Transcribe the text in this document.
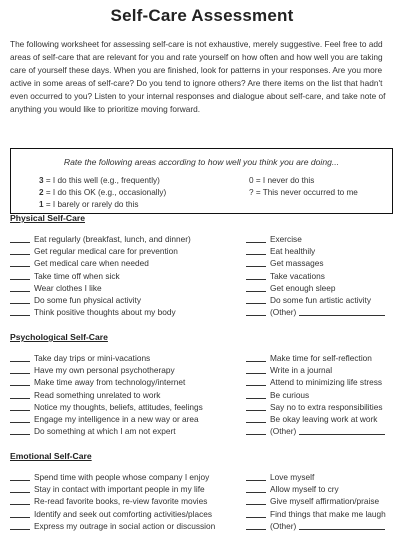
Self-Care Assessment
The following worksheet for assessing self-care is not exhaustive, merely suggestive. Feel free to add areas of self-care that are relevant for you and rate yourself on how often and how well you are taking care of yourself these days. When you are finished, look for patterns in your responses. Are you more active in some areas of self-care? Do you tend to ignore others? Are there items on the list that hadn't even occurred to you? Listen to your internal responses and dialogue about self-care, and take note of anything you would like to prioritize moving forward.
Rate the following areas according to how well you think you are doing...
3 = I do this well (e.g., frequently)
2 = I do this OK (e.g., occasionally)
1 = I barely or rarely do this
0 = I never do this
? = This never occurred to me
Physical Self-Care
Eat regularly (breakfast, lunch, and dinner)
Get regular medical care for prevention
Get medical care when needed
Take time off when sick
Wear clothes I like
Do some fun physical activity
Think positive thoughts about my body
Exercise
Eat healthily
Get massages
Take vacations
Get enough sleep
Do some fun artistic activity
(Other)
Psychological Self-Care
Take day trips or mini-vacations
Have my own personal psychotherapy
Make time away from technology/internet
Read something unrelated to work
Notice my thoughts, beliefs, attitudes, feelings
Engage my intelligence in a new way or area
Do something at which I am not expert
Make time for self-reflection
Write in a journal
Attend to minimizing life stress
Be curious
Say no to extra responsibilities
Be okay leaving work at work
(Other)
Emotional Self-Care
Spend time with people whose company I enjoy
Stay in contact with important people in my life
Re-read favorite books, re-view favorite movies
Identify and seek out comforting activities/places
Express my outrage in social action or discussion
Love myself
Allow myself to cry
Give myself affirmation/praise
Find things that make me laugh
(Other)
